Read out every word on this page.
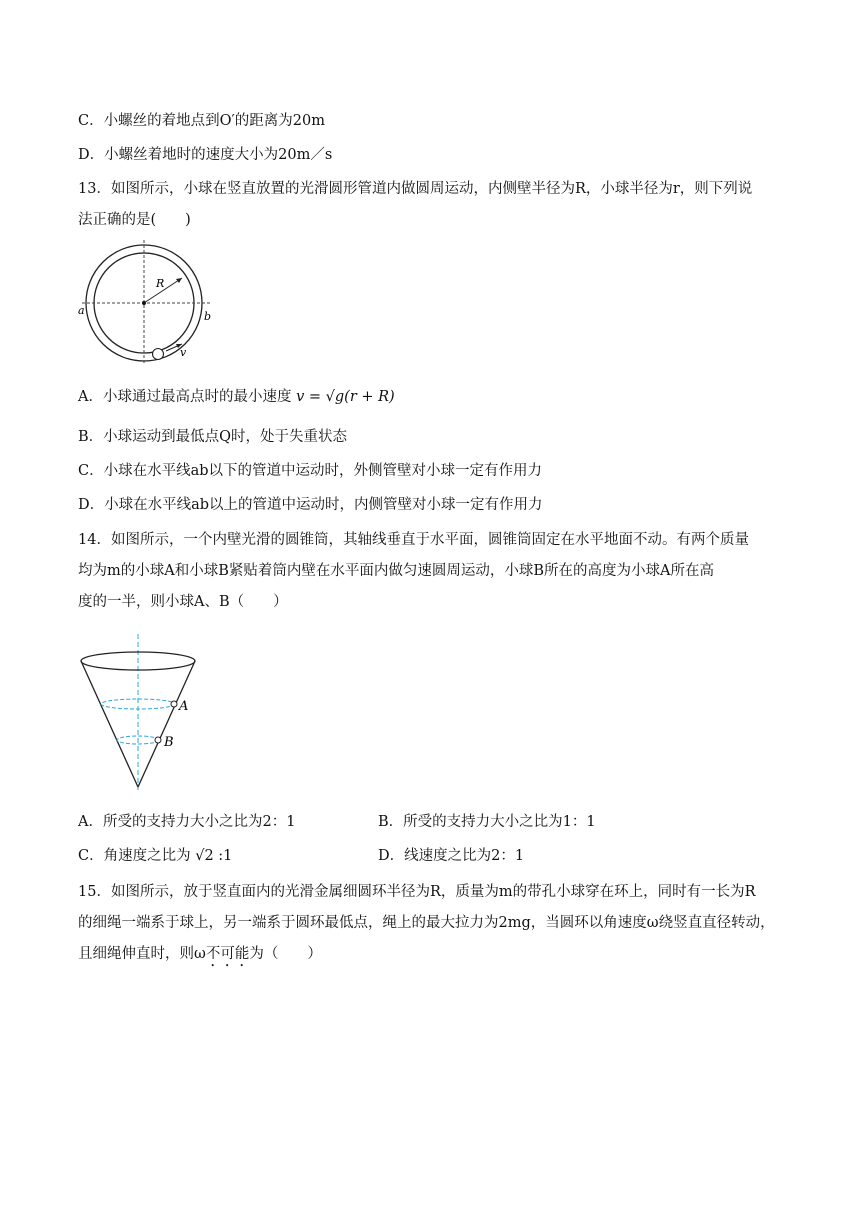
C．小螺丝的着地点到O′的距离为20m
D．小螺丝着地时的速度大小为20m／s
13．如图所示，小球在竖直放置的光滑圆形管道内做圆周运动，内侧壁半径为R，小球半径为r，则下列说
法正确的是(　　)
R
a	b
v
A．小球通过最高点时的最小速度 v = √g(r + R)
B．小球运动到最低点Q时，处于失重状态
C．小球在水平线ab以下的管道中运动时，外侧管壁对小球一定有作用力
D．小球在水平线ab以上的管道中运动时，内侧管壁对小球一定有作用力
14．如图所示，一个内壁光滑的圆锥筒，其轴线垂直于水平面，圆锥筒固定在水平地面不动。有两个质量
均为m的小球A和小球B紧贴着筒内壁在水平面内做匀速圆周运动，小球B所在的高度为小球A所在高
度的一半，则小球A、B（　　）
A
B
A．所受的支持力大小之比为2：1	B．所受的支持力大小之比为1：1
C．角速度之比为 √2 :1	D．线速度之比为2：1
15．如图所示，放于竖直面内的光滑金属细圆环半径为R，质量为m的带孔小球穿在环上，同时有一长为R
的细绳一端系于球上，另一端系于圆环最低点，绳上的最大拉力为2mg，当圆环以角速度ω绕竖直直径转动，
且细绳伸直时，则ω不可能为（　　）
